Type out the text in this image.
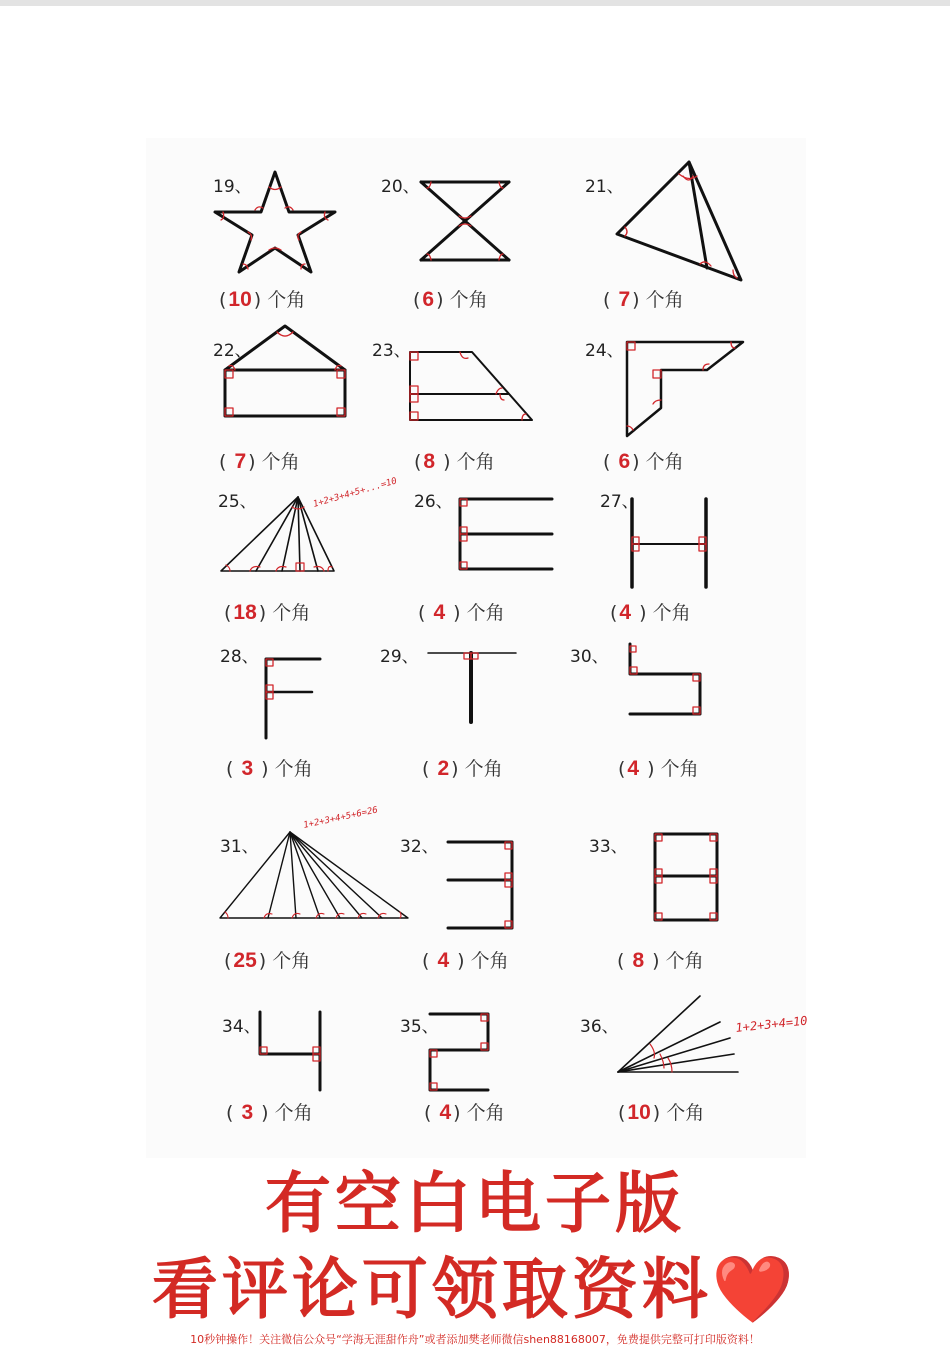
19、
(10 ) 个角
20、
(6 ) 个角
21、
( 7 ) 个角
22、
( 7 ) 个角
23、
(8 ) 个角
24、
( 6 ) 个角
25、	1+2+3+4+5+...=10
(18 ) 个角
26、
( 4 ) 个角
27、
(4 ) 个角
28、
( 3 ) 个角
29、
( 2 ) 个角
30、
(4 ) 个角
31、
1+2+3+4+5+6=26
(25 ) 个角
32、
( 4 ) 个角
33、
( 8 ) 个角
34、
( 3 ) 个角
35、
( 4 ) 个角
36、	1+2+3+4=10
(10 ) 个角
有空白电子版
看评论可领取资料❤️
10秒钟操作！关注微信公众号“学海无涯甜作舟”或者添加樊老师微信shen88168007，免费提供完整可打印版资料！
